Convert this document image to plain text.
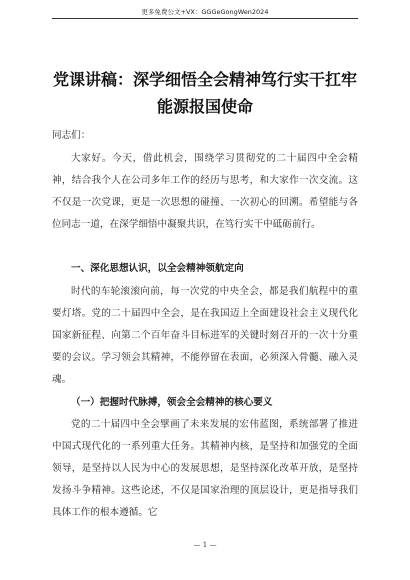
更多免费公文+VX：GGGeGongWen2024
党课讲稿：深学细悟全会精神笃行实干扛牢能源报国使命
同志们：

大家好。今天，借此机会，围绕学习贯彻党的二十届四中全会精神，结合我个人在公司多年工作的经历与思考，和大家作一次交流。这不仅是一次党课，更是一次思想的碰撞、一次初心的回溯。希望能与各位同志一道，在深学细悟中凝聚共识，在笃行实干中砥砺前行。

一、深化思想认识，以全会精神领航定向

时代的车轮滚滚向前，每一次党的中央全会，都是我们航程中的重要灯塔。党的二十届四中全会，是在我国迈上全面建设社会主义现代化国家新征程、向第二个百年奋斗目标进军的关键时刻召开的一次十分重要的会议。学习领会其精神，不能停留在表面，必须深入骨髓、融入灵魂。

（一）把握时代脉搏，领会全会精神的核心要义

党的二十届四中全会擘画了未来发展的宏伟蓝图，系统部署了推进中国式现代化的一系列重大任务。其精神内核，是坚持和加强党的全面领导，是坚持以人民为中心的发展思想，是坚持深化改革开放，是坚持发扬斗争精神。这些论述，不仅是国家治理的顶层设计，更是指导我们具体工作的根本遵循。它

— 1 —
